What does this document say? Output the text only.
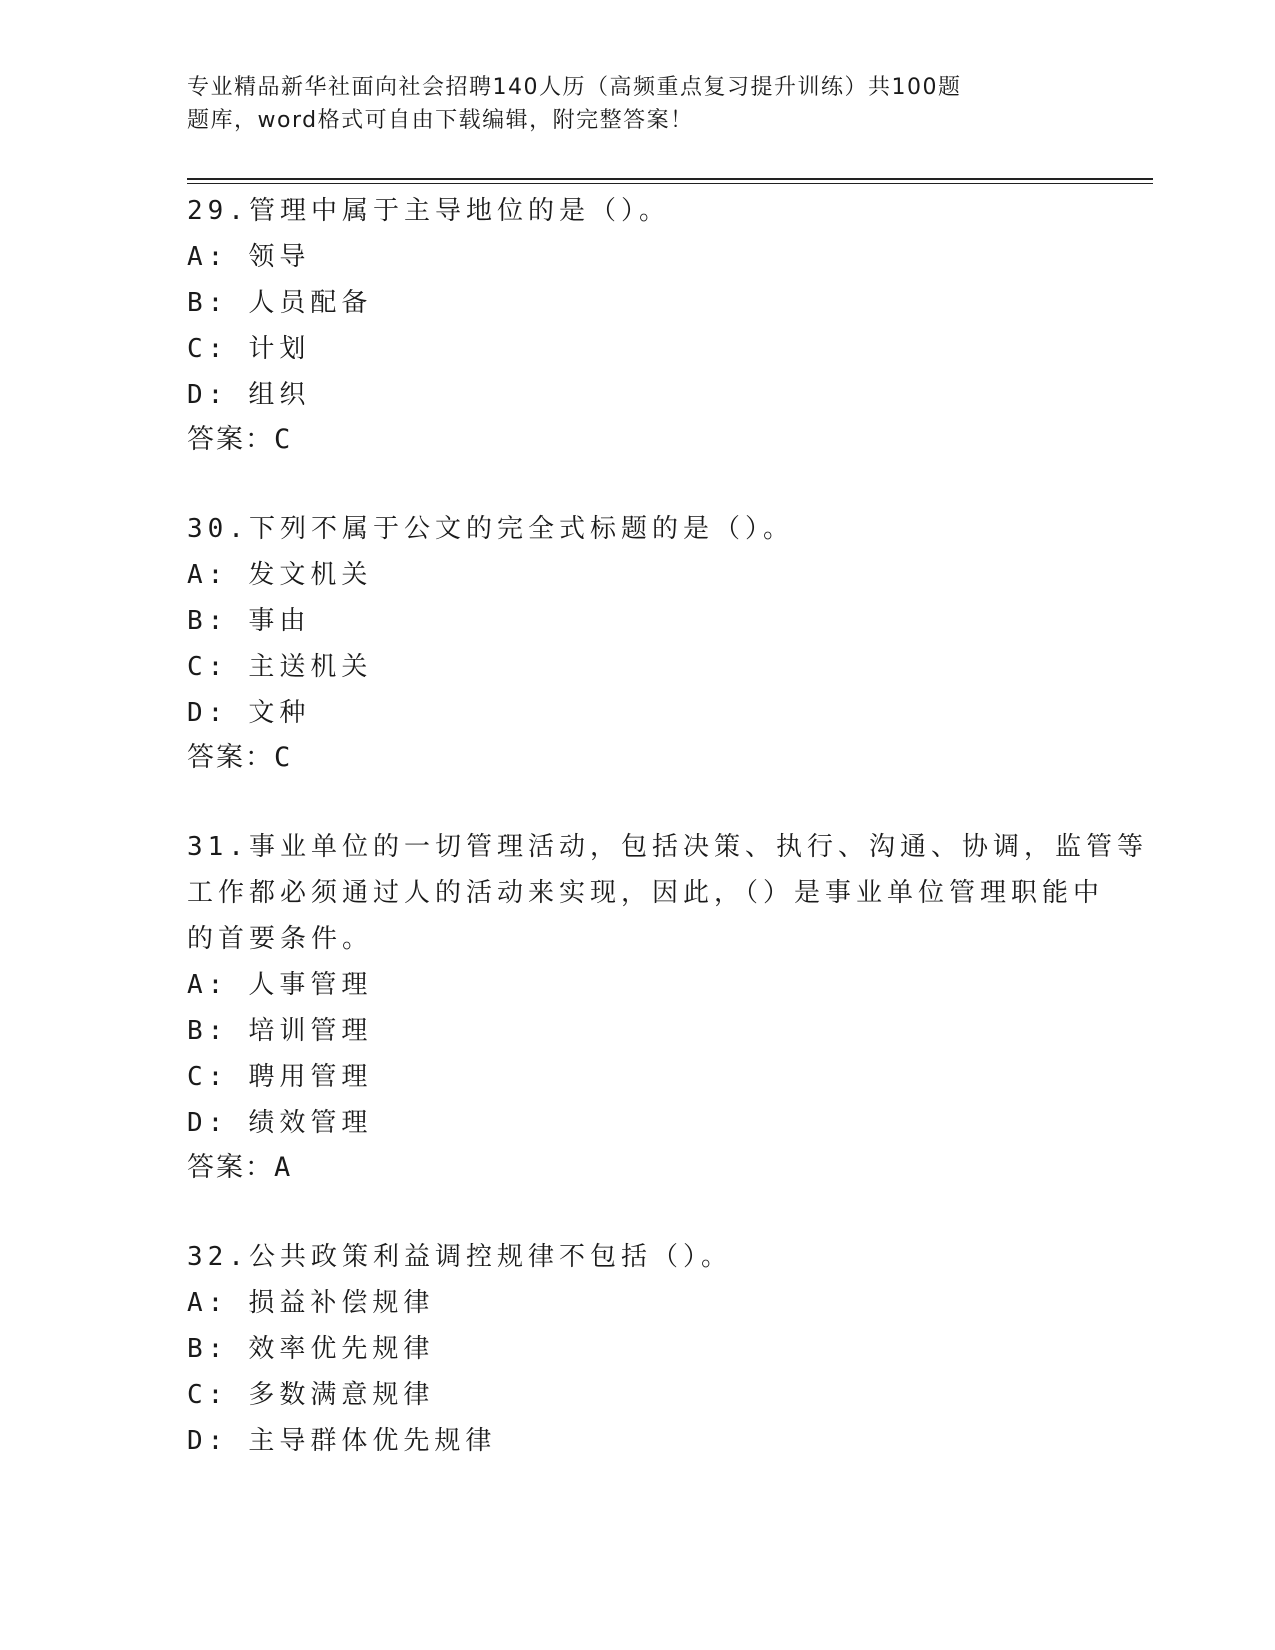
专业精品新华社面向社会招聘140人历（高频重点复习提升训练）共100题
题库，word格式可自由下载编辑，附完整答案！
29.管理中属于主导地位的是（）。
A: 领导
B: 人员配备
C: 计划
D: 组织
答案：C
30.下列不属于公文的完全式标题的是（）。
A: 发文机关
B: 事由
C: 主送机关
D: 文种
答案：C
31.事业单位的一切管理活动，包括决策、执行、沟通、协调，监管等
工作都必须通过人的活动来实现，因此，（）是事业单位管理职能中
的首要条件。
A: 人事管理
B: 培训管理
C: 聘用管理
D: 绩效管理
答案：A
32.公共政策利益调控规律不包括（）。
A: 损益补偿规律
B: 效率优先规律
C: 多数满意规律
D: 主导群体优先规律
